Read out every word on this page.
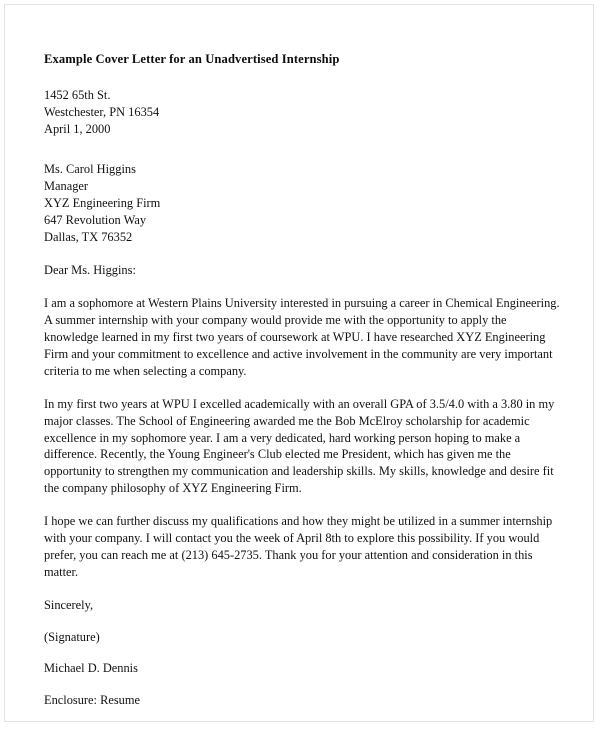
Example Cover Letter for an Unadvertised Internship
1452 65th St.
Westchester, PN 16354
April 1, 2000
Ms. Carol Higgins
Manager
XYZ Engineering Firm
647 Revolution Way
Dallas, TX 76352

Dear Ms. Higgins:

I am a sophomore at Western Plains University interested in pursuing a career in Chemical Engineering. A summer internship with your company would provide me with the opportunity to apply the knowledge learned in my first two years of coursework at WPU. I have researched XYZ Engineering Firm and your commitment to excellence and active involvement in the community are very important criteria to me when selecting a company.

In my first two years at WPU I excelled academically with an overall GPA of 3.5/4.0 with a 3.80 in my major classes. The School of Engineering awarded me the Bob McElroy scholarship for academic excellence in my sophomore year. I am a very dedicated, hard working person hoping to make a difference. Recently, the Young Engineer's Club elected me President, which has given me the opportunity to strengthen my communication and leadership skills. My skills, knowledge and desire fit the company philosophy of XYZ Engineering Firm.

I hope we can further discuss my qualifications and how they might be utilized in a summer internship with your company. I will contact you the week of April 8th to explore this possibility. If you would prefer, you can reach me at (213) 645-2735. Thank you for your attention and consideration in this matter.

Sincerely,

(Signature)

Michael D. Dennis

Enclosure: Resume
